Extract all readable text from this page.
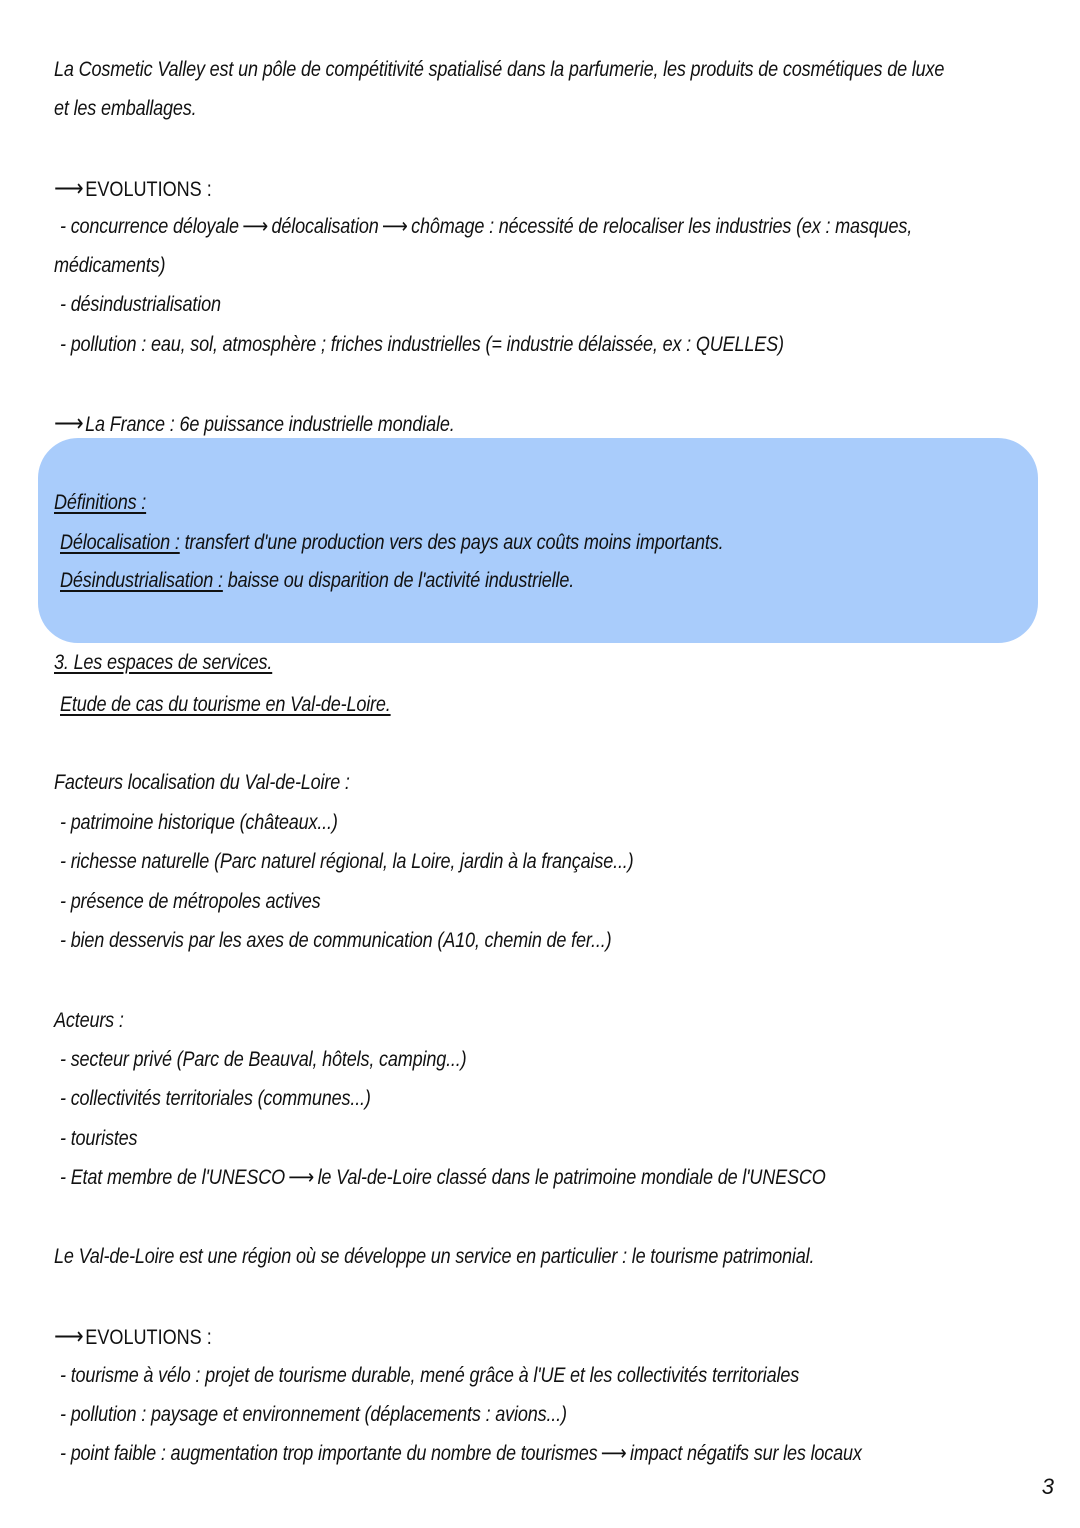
La Cosmetic Valley est un pôle de compétitivité spatialisé dans la parfumerie, les produits de cosmétiques de luxe
et les emballages.
⟶EVOLUTIONS :
- concurrence déloyale ⟶ délocalisation ⟶ chômage : nécessité de relocaliser les industries (ex : masques,
médicaments)
- désindustrialisation
- pollution : eau, sol, atmosphère ; friches industrielles (= industrie délaissée, ex : QUELLES)
⟶La France : 6e puissance industrielle mondiale.
Définitions :
Délocalisation : transfert d'une production vers des pays aux coûts moins importants.
Désindustrialisation : baisse ou disparition de l'activité industrielle.
3. Les espaces de services.
Etude de cas du tourisme en Val-de-Loire.
Facteurs localisation du Val-de-Loire :
- patrimoine historique (châteaux...)
- richesse naturelle (Parc naturel régional, la Loire, jardin à la française...)
- présence de métropoles actives
- bien desservis par les axes de communication (A10, chemin de fer...)
Acteurs :
- secteur privé (Parc de Beauval, hôtels, camping...)
- collectivités territoriales (communes...)
- touristes
- Etat membre de l'UNESCO ⟶ le Val-de-Loire classé dans le patrimoine mondiale de l'UNESCO
Le Val-de-Loire est une région où se développe un service en particulier : le tourisme patrimonial.
⟶EVOLUTIONS :
- tourisme à vélo : projet de tourisme durable, mené grâce à l'UE et les collectivités territoriales
- pollution : paysage et environnement (déplacements : avions...)
- point faible : augmentation trop importante du nombre de tourismes ⟶ impact négatifs sur les locaux
3
